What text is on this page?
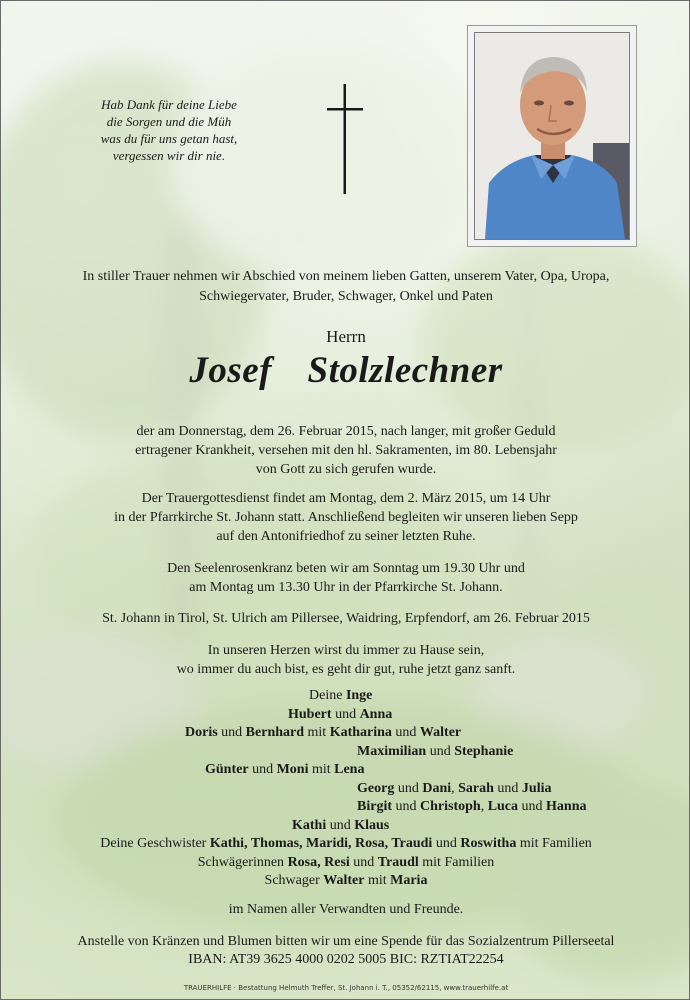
Hab Dank für deine Liebe
die Sorgen und die Müh
was du für uns getan hast,
vergessen wir dir nie.
In stiller Trauer nehmen wir Abschied von meinem lieben Gatten, unserem Vater, Opa, Uropa,
Schwiegervater, Bruder, Schwager, Onkel und Paten
Herrn
Josef  Stolzlechner
der am Donnerstag, dem 26. Februar 2015, nach langer, mit großer Geduld
ertragener Krankheit, versehen mit den hl. Sakramenten, im 80. Lebensjahr
von Gott zu sich gerufen wurde.
Der Trauergottesdienst findet am Montag, dem 2. März 2015, um 14 Uhr
in der Pfarrkirche St. Johann statt. Anschließend begleiten wir unseren lieben Sepp
auf den Antonifriedhof zu seiner letzten Ruhe.
Den Seelenrosenkranz beten wir am Sonntag um 19.30 Uhr und
am Montag um 13.30 Uhr in der Pfarrkirche St. Johann.
St. Johann in Tirol, St. Ulrich am Pillersee, Waidring, Erpfendorf, am 26. Februar 2015
In unseren Herzen wirst du immer zu Hause sein,
wo immer du auch bist, es geht dir gut, ruhe jetzt ganz sanft.
Deine Inge
Hubert und Anna
Doris und Bernhard mit Katharina und Walter
Maximilian und Stephanie
Günter und Moni mit Lena
Georg und Dani, Sarah und Julia
Birgit und Christoph, Luca und Hanna
Kathi und Klaus
Deine Geschwister Kathi, Thomas, Maridi, Rosa, Traudi und Roswitha mit Familien
Schwägerinnen Rosa, Resi und Traudl mit Familien
Schwager Walter mit Maria
im Namen aller Verwandten und Freunde.
Anstelle von Kränzen und Blumen bitten wir um eine Spende für das Sozialzentrum Pillerseetal
IBAN: AT39 3625 4000 0202 5005 BIC: RZTIAT22254
TRAUERHILFE · Bestattung Helmuth Treffer, St. Johann i. T., 05352/62115, www.trauerhilfe.at
